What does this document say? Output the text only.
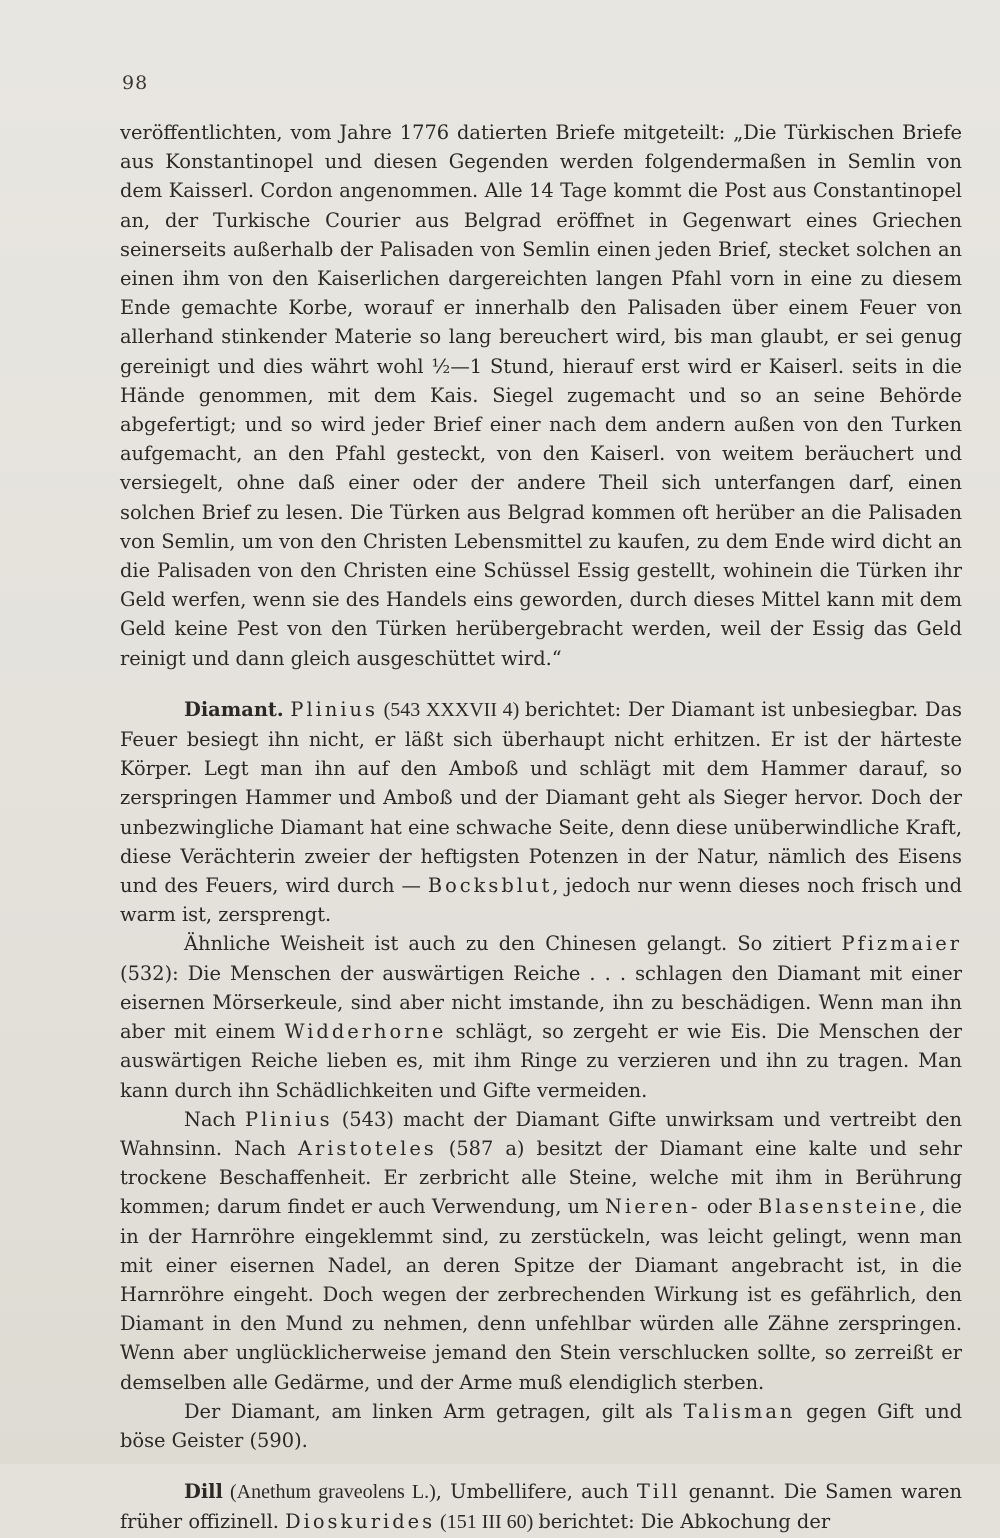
98

veröffentlichten, vom Jahre 1776 datierten Briefe mitgeteilt: „Die Türkischen Briefe aus Konstantinopel und diesen Gegenden werden folgendermaßen in Semlin von dem Kaisserl. Cordon angenommen. Alle 14 Tage kommt die Post aus Constantinopel an, der Turkische Courier aus Belgrad eröffnet in Gegenwart eines Griechen seinerseits außerhalb der Palisaden von Semlin einen jeden Brief, stecket solchen an einen ihm von den Kaiserlichen dargereichten langen Pfahl vorn in eine zu diesem Ende gemachte Korbe, worauf er innerhalb den Palisaden über einem Feuer von allerhand stinkender Materie so lang bereuchert wird, bis man glaubt, er sei genug gereinigt und dies währt wohl ½—1 Stund, hierauf erst wird er Kaiserl. seits in die Hände genommen, mit dem Kais. Siegel zugemacht und so an seine Behörde abgefertigt; und so wird jeder Brief einer nach dem andern außen von den Turken aufgemacht, an den Pfahl gesteckt, von den Kaiserl. von weitem beräuchert und versiegelt, ohne daß einer oder der andere Theil sich unterfangen darf, einen solchen Brief zu lesen. Die Türken aus Belgrad kommen oft herüber an die Palisaden von Semlin, um von den Christen Lebensmittel zu kaufen, zu dem Ende wird dicht an die Palisaden von den Christen eine Schüssel Essig gestellt, wohinein die Türken ihr Geld werfen, wenn sie des Handels eins geworden, durch dieses Mittel kann mit dem Geld keine Pest von den Türken herübergebracht werden, weil der Essig das Geld reinigt und dann gleich ausgeschüttet wird.“

Diamant. Plinius (543 XXXVII 4) berichtet: Der Diamant ist unbesiegbar. Das Feuer besiegt ihn nicht, er läßt sich überhaupt nicht erhitzen. Er ist der härteste Körper. Legt man ihn auf den Amboß und schlägt mit dem Hammer darauf, so zerspringen Hammer und Amboß und der Diamant geht als Sieger hervor. Doch der unbezwingliche Diamant hat eine schwache Seite, denn diese unüberwindliche Kraft, diese Verächterin zweier der heftigsten Potenzen in der Natur, nämlich des Eisens und des Feuers, wird durch — Bocksblut, jedoch nur wenn dieses noch frisch und warm ist, zersprengt.

Ähnliche Weisheit ist auch zu den Chinesen gelangt. So zitiert Pfizmaier (532): Die Menschen der auswärtigen Reiche . . . schlagen den Diamant mit einer eisernen Mörserkeule, sind aber nicht imstande, ihn zu beschädigen. Wenn man ihn aber mit einem Widderhorne schlägt, so zergeht er wie Eis. Die Menschen der auswärtigen Reiche lieben es, mit ihm Ringe zu verzieren und ihn zu tragen. Man kann durch ihn Schädlichkeiten und Gifte vermeiden.

Nach Plinius (543) macht der Diamant Gifte unwirksam und vertreibt den Wahnsinn. Nach Aristoteles (587 a) besitzt der Diamant eine kalte und sehr trockene Beschaffenheit. Er zerbricht alle Steine, welche mit ihm in Berührung kommen; darum findet er auch Verwendung, um Nieren- oder Blasensteine, die in der Harnröhre eingeklemmt sind, zu zerstückeln, was leicht gelingt, wenn man mit einer eisernen Nadel, an deren Spitze der Diamant angebracht ist, in die Harnröhre eingeht. Doch wegen der zerbrechenden Wirkung ist es gefährlich, den Diamant in den Mund zu nehmen, denn unfehlbar würden alle Zähne zerspringen. Wenn aber unglücklicherweise jemand den Stein verschlucken sollte, so zerreißt er demselben alle Gedärme, und der Arme muß elendiglich sterben.

Der Diamant, am linken Arm getragen, gilt als Talisman gegen Gift und böse Geister (590).

Dill (Anethum graveolens L.), Umbellifere, auch Till genannt. Die Samen waren früher offizinell. Dioskurides (151 III 60) berichtet: Die Abkochung der
